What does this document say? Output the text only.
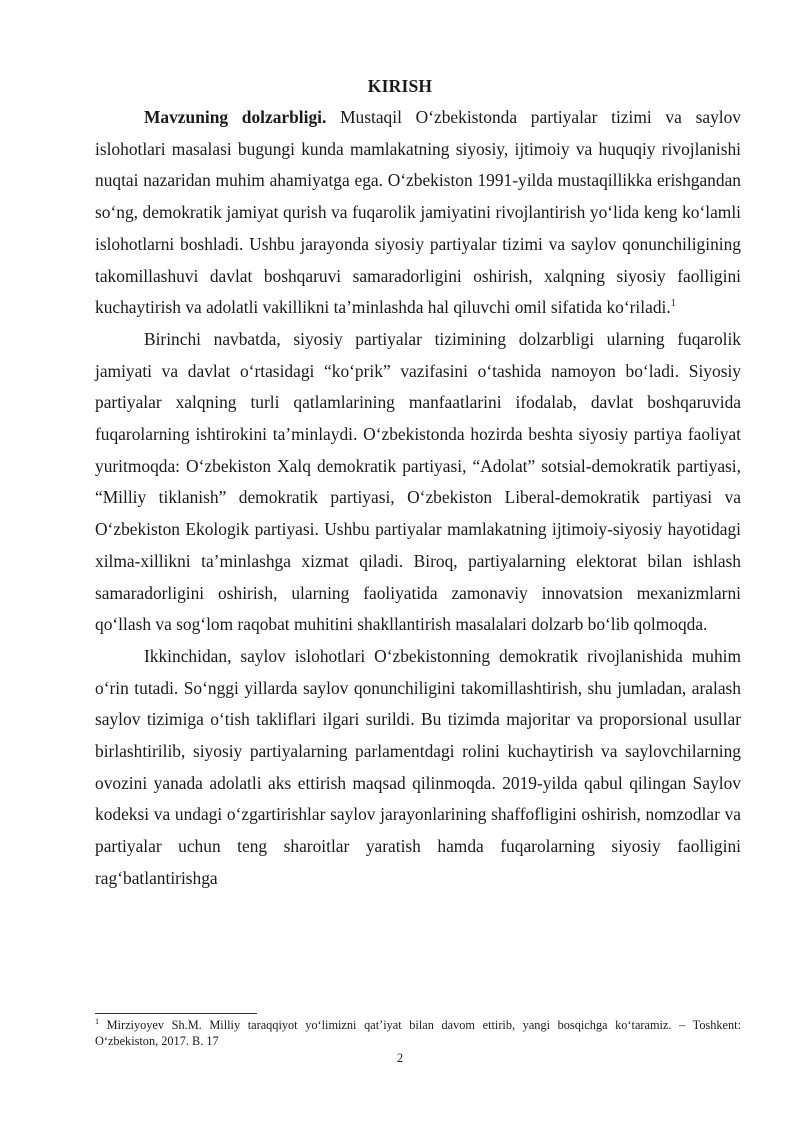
KIRISH

Mavzuning dolzarbligi. Mustaqil O‘zbekistonda partiyalar tizimi va saylov islohotlari masalasi bugungi kunda mamlakatning siyosiy, ijtimoiy va huquqiy rivojlanishi nuqtai nazaridan muhim ahamiyatga ega. O‘zbekiston 1991-yilda mustaqillikka erishgandan so‘ng, demokratik jamiyat qurish va fuqarolik jamiyatini rivojlantirish yo‘lida keng ko‘lamli islohotlarni boshladi. Ushbu jarayonda siyosiy partiyalar tizimi va saylov qonunchiligining takomillashuvi davlat boshqaruvi samaradorligini oshirish, xalqning siyosiy faolligini kuchaytirish va adolatli vakillikni ta’minlashda hal qiluvchi omil sifatida ko‘riladi.$^1$

Birinchi navbatda, siyosiy partiyalar tizimining dolzarbligi ularning fuqarolik jamiyati va davlat o‘rtasidagi “ko‘prik” vazifasini o‘tashida namoyon bo‘ladi. Siyosiy partiyalar xalqning turli qatlamlarining manfaatlarini ifodalab, davlat boshqaruvida fuqarolarning ishtirokini ta’minlaydi. O‘zbekistonda hozirda beshta siyosiy partiya faoliyat yuritmoqda: O‘zbekiston Xalq demokratik partiyasi, “Adolat” sotsial-demokratik partiyasi, “Milliy tiklanish” demokratik partiyasi, O‘zbekiston Liberal-demokratik partiyasi va O‘zbekiston Ekologik partiyasi. Ushbu partiyalar mamlakatning ijtimoiy-siyosiy hayotidagi xilma-xillikni ta’minlashga xizmat qiladi. Biroq, partiyalarning elektorat bilan ishlash samaradorligini oshirish, ularning faoliyatida zamonaviy innovatsion mexanizmlarni qo‘llash va sog‘lom raqobat muhitini shakllantirish masalalari dolzarb bo‘lib qolmoqda.

Ikkinchidan, saylov islohotlari O‘zbekistonning demokratik rivojlanishida muhim o‘rin tutadi. So‘nggi yillarda saylov qonunchiligini takomillashtirish, shu jumladan, aralash saylov tizimiga o‘tish takliflari ilgari surildi. Bu tizimda majoritar va proporsional usullar birlashtirilib, siyosiy partiyalarning parlamentdagi rolini kuchaytirish va saylovchilarning ovozini yanada adolatli aks ettirish maqsad qilinmoqda. 2019-yilda qabul qilingan Saylov kodeksi va undagi o‘zgartirishlar saylov jarayonlarining shaffofligini oshirish, nomzodlar va partiyalar uchun teng sharoitlar yaratish hamda fuqarolarning siyosiy faolligini rag‘batlantirishga

$^1$ Mirziyoyev Sh.M. Milliy taraqqiyot yo‘limizni qat’iyat bilan davom ettirib, yangi bosqichga ko‘taramiz. – Toshkent: O‘zbekiston, 2017. B. 17
2
